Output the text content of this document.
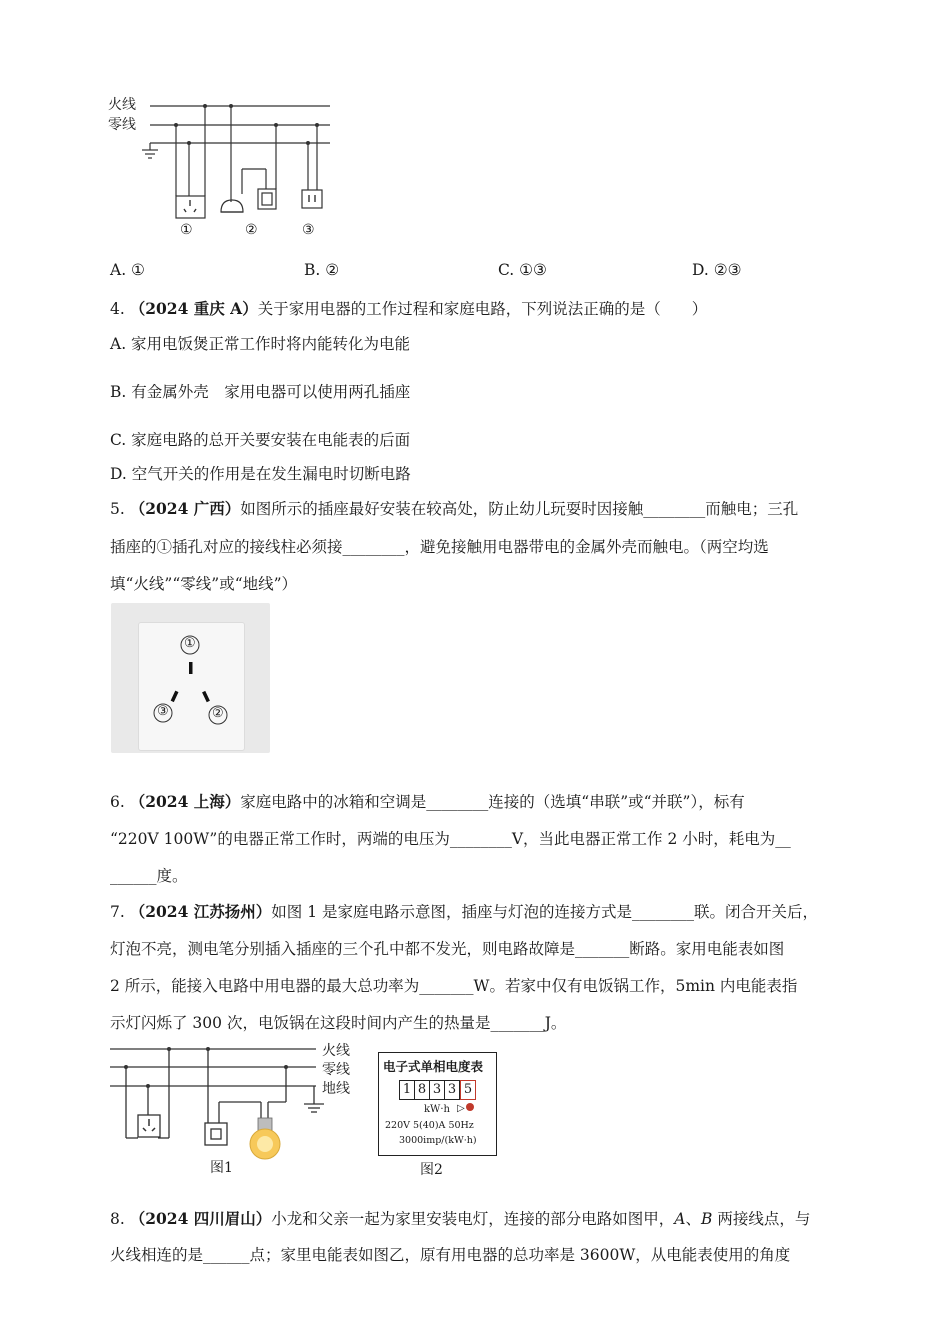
火线
零线
①	②	③
A. ①	B. ②	C. ①③	D. ②③
4. （2024 重庆 A）关于家用电器的工作过程和家庭电路，下列说法正确的是（　　）
A. 家用电饭煲正常工作时将内能转化为电能
B. 有金属外壳　家用电器可以使用两孔插座
C. 家庭电路的总开关要安装在电能表的后面
D. 空气开关的作用是在发生漏电时切断电路
5. （2024 广西）如图所示的插座最好安装在较高处，防止幼儿玩耍时因接触________而触电；三孔
插座的①插孔对应的接线柱必须接________，避免接触用电器带电的金属外壳而触电。（两空均选
填“火线”“零线”或“地线”）
①
②
③
6. （2024 上海）家庭电路中的冰箱和空调是________连接的（选填“串联”或“并联”），标有
“220V 100W”的电器正常工作时，两端的电压为________V，当此电器正常工作 2 小时，耗电为__
______度。
7. （2024 江苏扬州）如图 1 是家庭电路示意图，插座与灯泡的连接方式是________联。闭合开关后，
灯泡不亮，测电笔分别插入插座的三个孔中都不发光，则电路故障是_______断路。家用电能表如图
2 所示，能接入电路中用电器的最大总功率为_______W。若家中仅有电饭锅工作，5min 内电能表指
示灯闪烁了 300 次，电饭锅在这段时间内产生的热量是_______J。
火线
零线
地线
图1
电子式单相电度表
1 8 3 3 5
kW·h ▷
220V 5(40)A 50Hz
3000imp/(kW·h)
图2
8. （2024 四川眉山）小龙和父亲一起为家里安装电灯，连接的部分电路如图甲，A、B 两接线点，与
火线相连的是______点；家里电能表如图乙，原有用电器的总功率是 3600W，从电能表使用的角度
